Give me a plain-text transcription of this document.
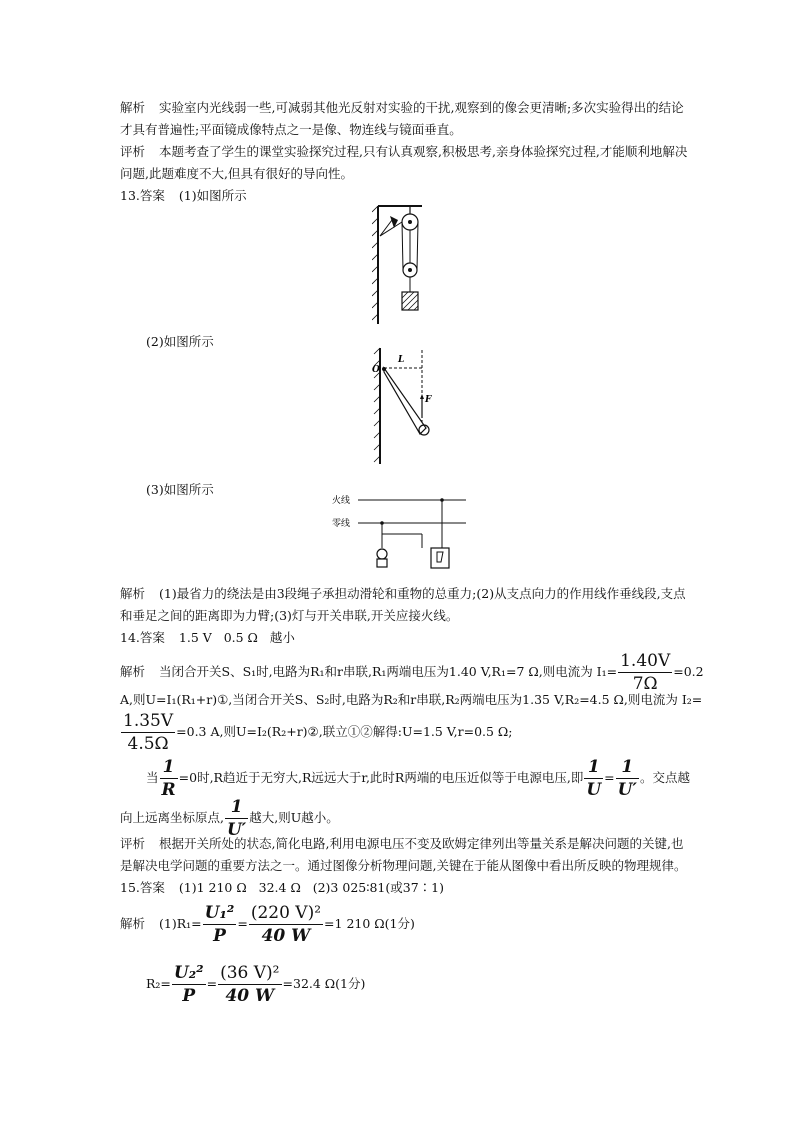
解析 实验室内光线弱一些,可减弱其他光反射对实验的干扰,观察到的像会更清晰;多次实验得出的结论
才具有普遍性;平面镜成像特点之一是像、物连线与镜面垂直。
评析 本题考查了学生的课堂实验探究过程,只有认真观察,积极思考,亲身体验探究过程,才能顺利地解决
问题,此题难度不大,但具有很好的导向性。
13.答案 (1)如图所示
(2)如图所示
O
L
F
(3)如图所示
火线
零线
解析 (1)最省力的绕法是由3段绳子承担动滑轮和重物的总重力;(2)从支点向力的作用线作垂线段,支点
和垂足之间的距离即为力臂;(3)灯与开关串联,开关应接火线。
14.答案 1.5 V   0.5 Ω   越小
解析 当闭合开关S、S₁时,电路为R₁和r串联,R₁两端电压为1.40 V,R₁=7 Ω,则电流为 $I_1= \frac{1.40V}{7\Omega} =0.2$
A,则U=I₁(R₁+r)①,当闭合开关S、S₂时,电路为R₂和r串联,R₂两端电压为1.35 V,R₂=4.5 Ω,则电流为 I₂=
$\frac{1.35V}{4.5\Omega} =0.3$ A,则U=I₂(R₂+r)②,联立①②解得:U=1.5 V,r=0.5 Ω;
当 $\frac{1}{R} =0$时,R趋近于无穷大,R远远大于r,此时R两端的电压近似等于电源电压,即 $\frac{1}{U} = \frac{1}{U'}$ 。交点越
向上远离坐标原点, $\frac{1}{U'}$ 越大,则U越小。
评析 根据开关所处的状态,简化电路,利用电源电压不变及欧姆定律列出等量关系是解决问题的关键,也
是解决电学问题的重要方法之一。通过图像分析物理问题,关键在于能从图像中看出所反映的物理规律。
15.答案 (1)1 210 Ω   32.4 Ω   (2)3 025∶81(或37∶1)
解析 $(1)R_1= \frac{\text{U₁²}}{P} = \frac{\text{(220 V)²}}{40 W} =1$ 210 Ω(1分)
$R_2= \frac{\text{U₂²}}{P} = \frac{\text{(36 V)²}}{40 W} =32.4$ Ω(1分)
